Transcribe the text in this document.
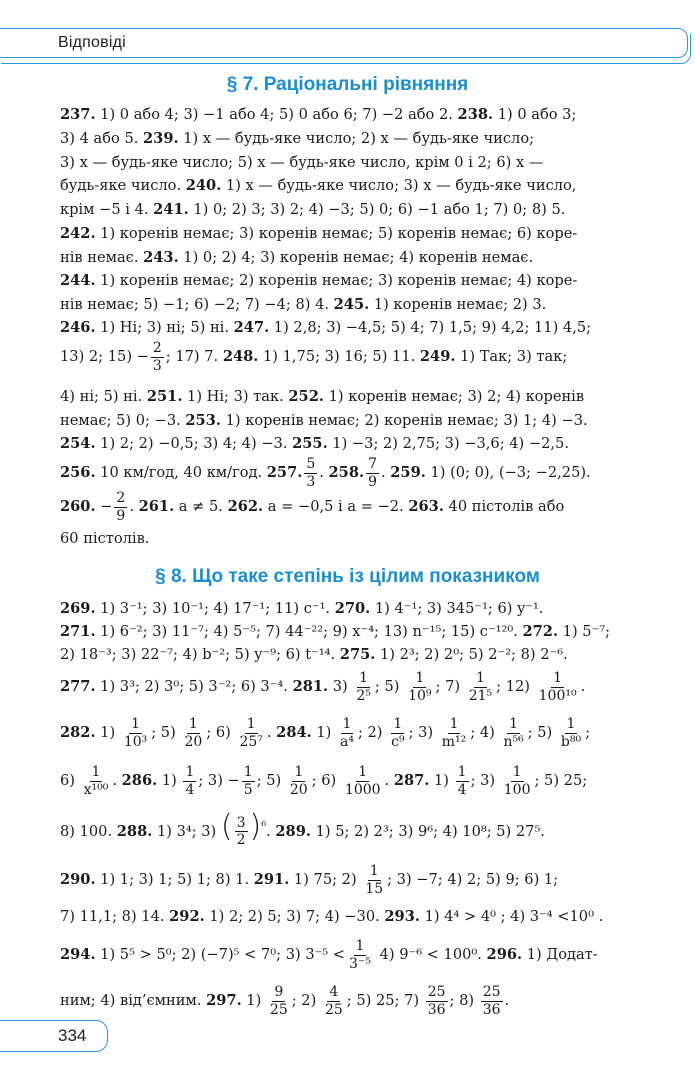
Відповіді
§ 7. Раціональні рівняння
237. 1) 0 або 4; 3) −1 або 4; 5) 0 або 6; 7) −2 або 2. 238. 1) 0 або 3;
3) 4 або 5. 239. 1) x — будь-яке число; 2) x — будь-яке число;
3) x — будь-яке число; 5) x — будь-яке число, крім 0 і 2; 6) x —
будь-яке число. 240. 1) x — будь-яке число; 3) x — будь-яке число,
крім −5 і 4. 241. 1) 0; 2) 3; 3) 2; 4) −3; 5) 0; 6) −1 або 1; 7) 0; 8) 5.
242. 1) коренів немає; 3) коренів немає; 5) коренів немає; 6) коре-
нів немає. 243. 1) 0; 2) 4; 3) коренів немає; 4) коренів немає.
244. 1) коренів немає; 2) коренів немає; 3) коренів немає; 4) коре-
нів немає; 5) −1; 6) −2; 7) −4; 8) 4. 245. 1) коренів немає; 2) 3.
246. 1) Ні; 3) ні; 5) ні. 247. 1) 2,8; 3) −4,5; 5) 4; 7) 1,5; 9) 4,2; 11) 4,5;
13) 2; $15) - \frac{2}{3}$ ; 17) 7. 248. 1) 1,75; 3) 16; 5) 11. 249. 1) Так; 3) так;
4) ні; 5) ні. 251. 1) Ні; 3) так. 252. 1) коренів немає; 3) 2; 4) коренів
немає; 5) 0; −3. 253. 1) коренів немає; 2) коренів немає; 3) 1; 4) −3.
254. 1) 2; 2) −0,5; 3) 4; 4) −3. 255. 1) −3; 2) 2,75; 3) −3,6; 4) −2,5.
256. 10 км/год, 40 км/год. 257. $\frac{5}{3}$ . 258. $\frac{7}{9}$ . 259. 1) (0; 0), (−3; −2,25).
260. − $\frac{2}{9}$ . 261. a ≠ 5. 262. a = −0,5 і a = −2. 263. 40 пістолів або
60 пістолів.
§ 8. Що таке степінь із цілим показником
269. 1) 3⁻¹; 3) 10⁻¹; 4) 17⁻¹; 11) c⁻¹. 270. 1) 4⁻¹; 3) 345⁻¹; 6) y⁻¹.
271. 1) 6⁻²; 3) 11⁻⁷; 4) 5⁻⁵; 7) 44⁻²²; 9) x⁻⁴; 13) n⁻¹⁵; 15) c⁻¹²⁰. 272. 1) 5⁻⁷;
2) 18⁻³; 3) 22⁻⁷; 4) b⁻²; 5) y⁻⁹; 6) t⁻¹⁴. 275. 1) 2³; 2) 2⁰; 5) 2⁻²; 8) 2⁻⁶.
277. 1) 3³; 2) 3⁰; 5) 3⁻²; 6) 3⁻⁴. 281. $3) \frac{1}{\text{2⁵}}$ ; $5) \frac{1}{\text{10⁹}}$ ; $7) \frac{1}{\text{21⁵}}$ ; $12) \frac{1}{\text{100¹⁰}}$ .
282. $1) \frac{1}{\text{10³}}$ ; $5) \frac{1}{20}$ ; $6) \frac{1}{\text{25⁷}}$ . 284. $1) \frac{1}{\text{a⁴}}$ ; $2) \frac{1}{\text{c⁹}}$ ; $3) \frac{1}{\text{m¹²}}$ ; $4) \frac{1}{\text{n⁵⁶}}$ ; $5) \frac{1}{\text{b⁸⁰}}$ ;
$6) \frac{1}{\text{x¹⁰⁰}}$ . 286. $1) \frac{1}{4}$ ; $3) - \frac{1}{5}$ ; $5) \frac{1}{20}$ ; $6) \frac{1}{1000}$ . 287. $1) \frac{1}{4}$ ; $3) \frac{1}{100}$ ; 5) 25;
8) 100. 288. 1) 3⁴; 3) ( $\frac{3}{2} )^{^6}$. 289. 1) 5; 2) 2³; 3) 9⁶; 4) 10⁸; 5) 27⁵.
290. 1) 1; 3) 1; 5) 1; 8) 1. 291. 1) 75; $2) \frac{1}{15}$ ; 3) −7; 4) 2; 5) 9; 6) 1;
7) 11,1; 8) 14. 292. 1) 2; 2) 5; 3) 7; 4) −30. 293. 1) 4⁴ > 4⁰ ; 4) 3⁻⁴ <10⁰ .
294. 1) 5⁵ > 5⁰; 2) (−7)⁵ < 7⁰; 3) $3^{-5} < \frac{1}{\text{3⁻⁵}} 4$) 9⁻⁶ < 100⁰. 296. 1) Додат-
ним; 4) від’ємним. 297. $1) \frac{9}{25}$ ; $2) \frac{4}{25}$ ; 5) 25; $7) \frac{25}{36}$ ; $8) \frac{25}{36}$ .
334
